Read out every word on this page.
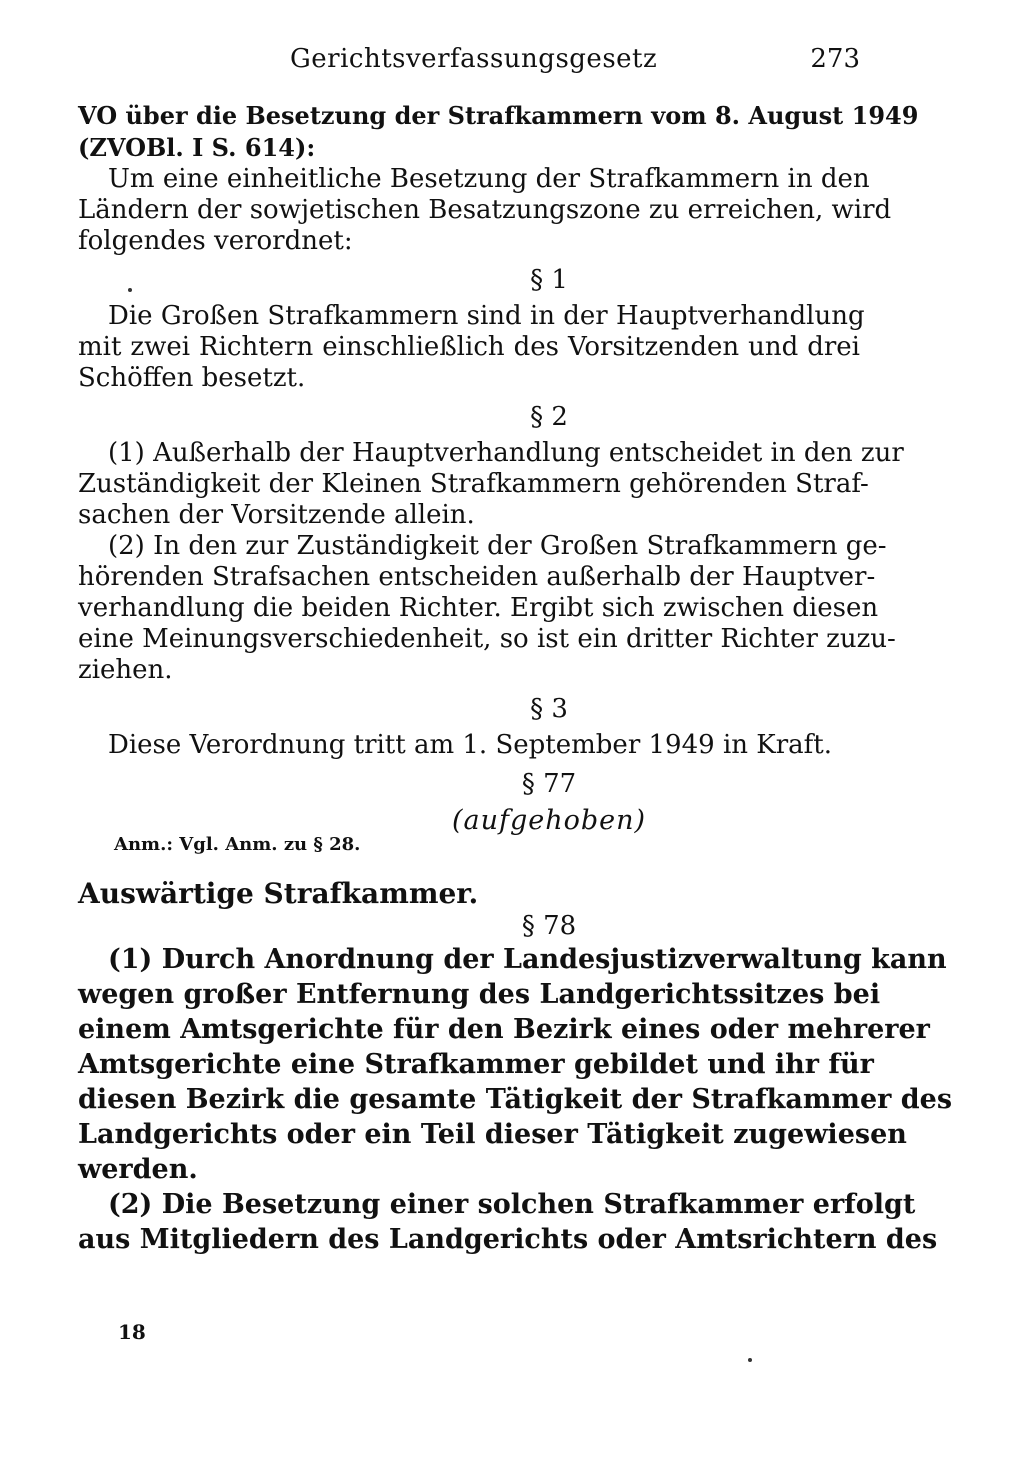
Gerichtsverfassungsgesetz	273
VO über die Besetzung der Strafkammern vom 8. August 1949
(ZVOBl. I S. 614):
Um eine einheitliche Besetzung der Strafkammern in den
Ländern der sowjetischen Besatzungszone zu erreichen, wird
folgendes verordnet:
§ 1
Die Großen Strafkammern sind in der Hauptverhandlung
mit zwei Richtern einschließlich des Vorsitzenden und drei
Schöffen besetzt.
§ 2
(1) Außerhalb der Hauptverhandlung entscheidet in den zur
Zuständigkeit der Kleinen Strafkammern gehörenden Straf-
sachen der Vorsitzende allein.
(2) In den zur Zuständigkeit der Großen Strafkammern ge-
hörenden Strafsachen entscheiden außerhalb der Hauptver-
verhandlung die beiden Richter. Ergibt sich zwischen diesen
eine Meinungsverschiedenheit, so ist ein dritter Richter zuzu-
ziehen.
§ 3
Diese Verordnung tritt am 1. September 1949 in Kraft.
§ 77
(aufgehoben)
Anm.: Vgl. Anm. zu § 28.
Auswärtige Strafkammer.
§ 78
(1) Durch Anordnung der Landesjustizverwaltung kann
wegen großer Entfernung des Landgerichtssitzes bei
einem Amtsgerichte für den Bezirk eines oder mehrerer
Amtsgerichte eine Strafkammer gebildet und ihr für
diesen Bezirk die gesamte Tätigkeit der Strafkammer des
Landgerichts oder ein Teil dieser Tätigkeit zugewiesen
werden.
(2) Die Besetzung einer solchen Strafkammer erfolgt
aus Mitgliedern des Landgerichts oder Amtsrichtern des
18
